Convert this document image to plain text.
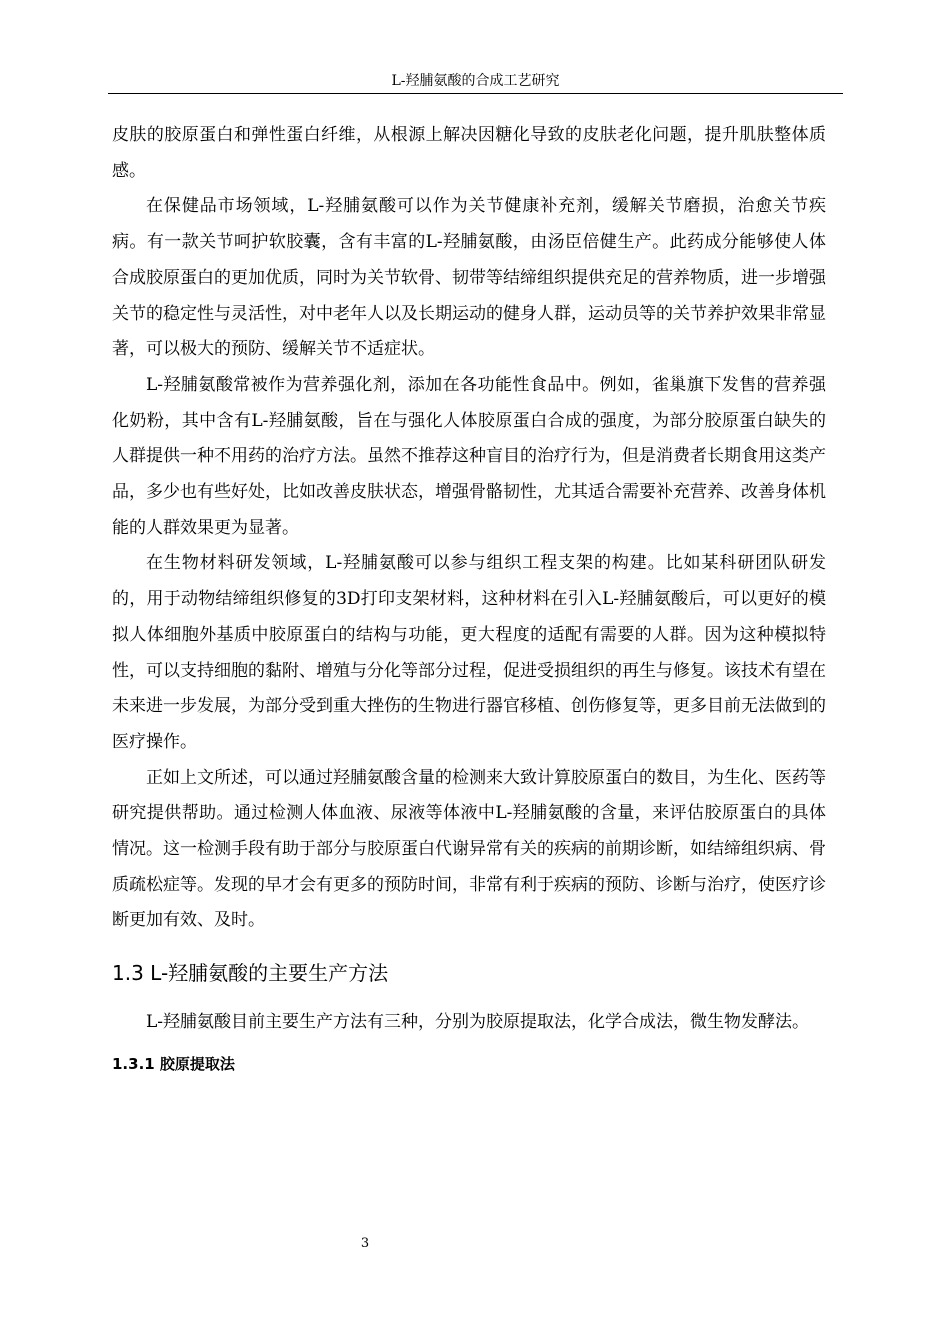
L-羟脯氨酸的合成工艺研究

皮肤的胶原蛋白和弹性蛋白纤维，从根源上解决因糖化导致的皮肤老化问题，提升肌肤整体质感。

在保健品市场领域，L-羟脯氨酸可以作为关节健康补充剂，缓解关节磨损，治愈关节疾病。有一款关节呵护软胶囊，含有丰富的L-羟脯氨酸，由汤臣倍健生产。此药成分能够使人体合成胶原蛋白的更加优质，同时为关节软骨、韧带等结缔组织提供充足的营养物质，进一步增强关节的稳定性与灵活性，对中老年人以及长期运动的健身人群，运动员等的关节养护效果非常显著，可以极大的预防、缓解关节不适症状。

L-羟脯氨酸常被作为营养强化剂，添加在各功能性食品中。例如，雀巢旗下发售的营养强化奶粉，其中含有L-羟脯氨酸，旨在与强化人体胶原蛋白合成的强度，为部分胶原蛋白缺失的人群提供一种不用药的治疗方法。虽然不推荐这种盲目的治疗行为，但是消费者长期食用这类产品，多少也有些好处，比如改善皮肤状态，增强骨骼韧性，尤其适合需要补充营养、改善身体机能的人群效果更为显著。

在生物材料研发领域，L-羟脯氨酸可以参与组织工程支架的构建。比如某科研团队研发的，用于动物结缔组织修复的3D打印支架材料，这种材料在引入L-羟脯氨酸后，可以更好的模拟人体细胞外基质中胶原蛋白的结构与功能，更大程度的适配有需要的人群。因为这种模拟特性，可以支持细胞的黏附、增殖与分化等部分过程，促进受损组织的再生与修复。该技术有望在未来进一步发展，为部分受到重大挫伤的生物进行器官移植、创伤修复等，更多目前无法做到的医疗操作。

正如上文所述，可以通过羟脯氨酸含量的检测来大致计算胶原蛋白的数目，为生化、医药等研究提供帮助。通过检测人体血液、尿液等体液中L-羟脯氨酸的含量，来评估胶原蛋白的具体情况。这一检测手段有助于部分与胶原蛋白代谢异常有关的疾病的前期诊断，如结缔组织病、骨质疏松症等。发现的早才会有更多的预防时间，非常有利于疾病的预防、诊断与治疗，使医疗诊断更加有效、及时。

1.3 L-羟脯氨酸的主要生产方法

L-羟脯氨酸目前主要生产方法有三种，分别为胶原提取法，化学合成法，微生物发酵法。

1.3.1 胶原提取法
3
